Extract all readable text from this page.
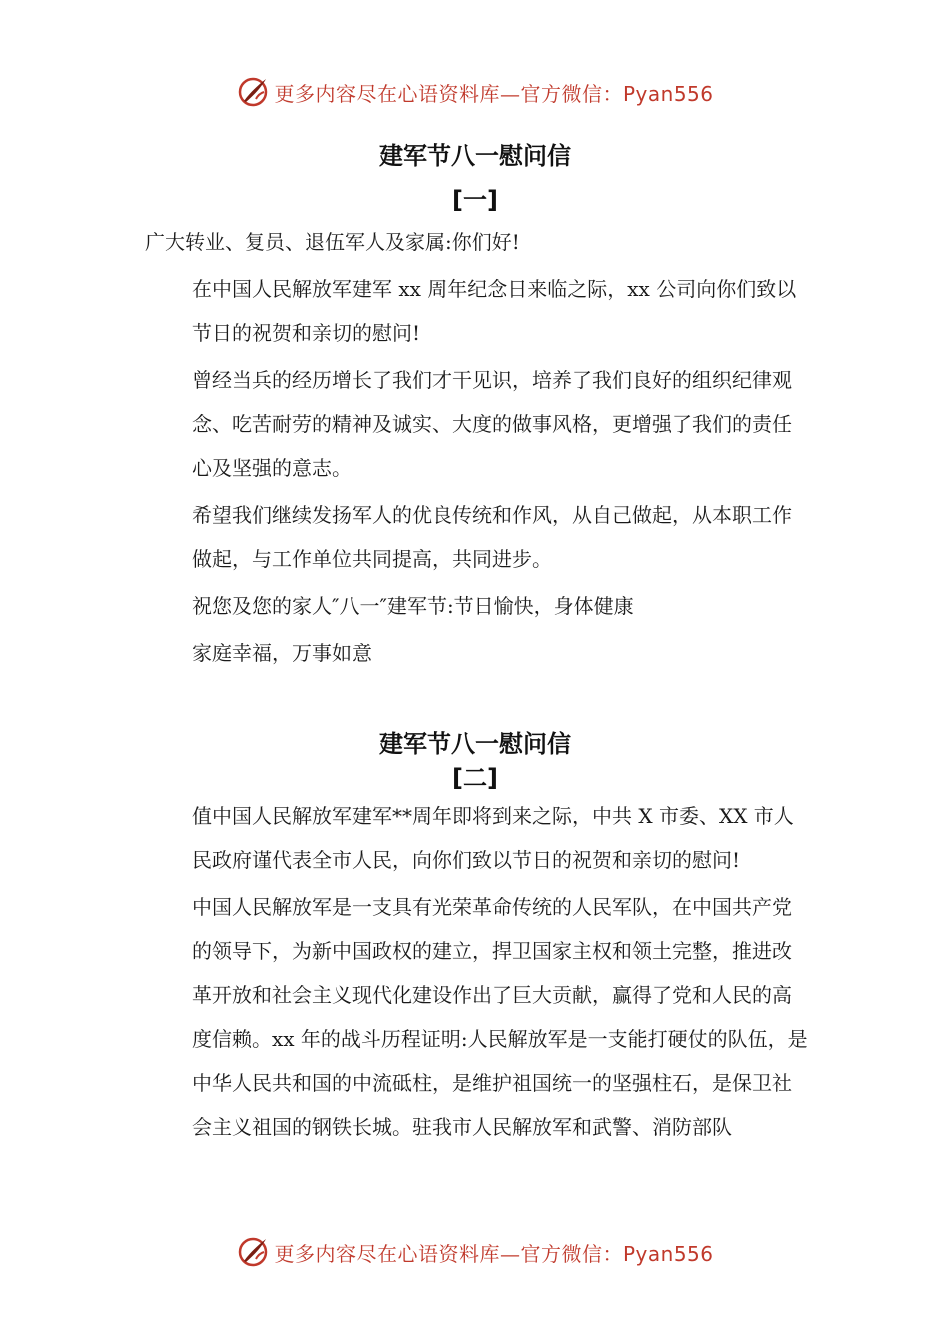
更多内容尽在心语资料库—官方微信：Pyan556
建军节八一慰问信
[一]

广大转业、复员、退伍军人及家属:你们好!

在中国人民解放军建军 xx 周年纪念日来临之际，xx 公司向你们致以节日的祝贺和亲切的慰问!

曾经当兵的经历增长了我们才干见识，培养了我们良好的组织纪律观念、吃苦耐劳的精神及诚实、大度的做事风格，更增强了我们的责任心及坚强的意志。

希望我们继续发扬军人的优良传统和作风，从自己做起，从本职工作做起，与工作单位共同提高，共同进步。

祝您及您的家人″八一″建军节:节日愉快，身体健康

家庭幸福，万事如意

建军节八一慰问信
[二]

值中国人民解放军建军**周年即将到来之际，中共 X 市委、XX 市人民政府谨代表全市人民，向你们致以节日的祝贺和亲切的慰问!

中国人民解放军是一支具有光荣革命传统的人民军队，在中国共产党的领导下，为新中国政权的建立，捍卫国家主权和领土完整，推进改革开放和社会主义现代化建设作出了巨大贡献，赢得了党和人民的高度信赖。xx 年的战斗历程证明:人民解放军是一支能打硬仗的队伍，是中华人民共和国的中流砥柱，是维护祖国统一的坚强柱石，是保卫社会主义祖国的钢铁长城。驻我市人民解放军和武警、消防部队

更多内容尽在心语资料库—官方微信：Pyan556
